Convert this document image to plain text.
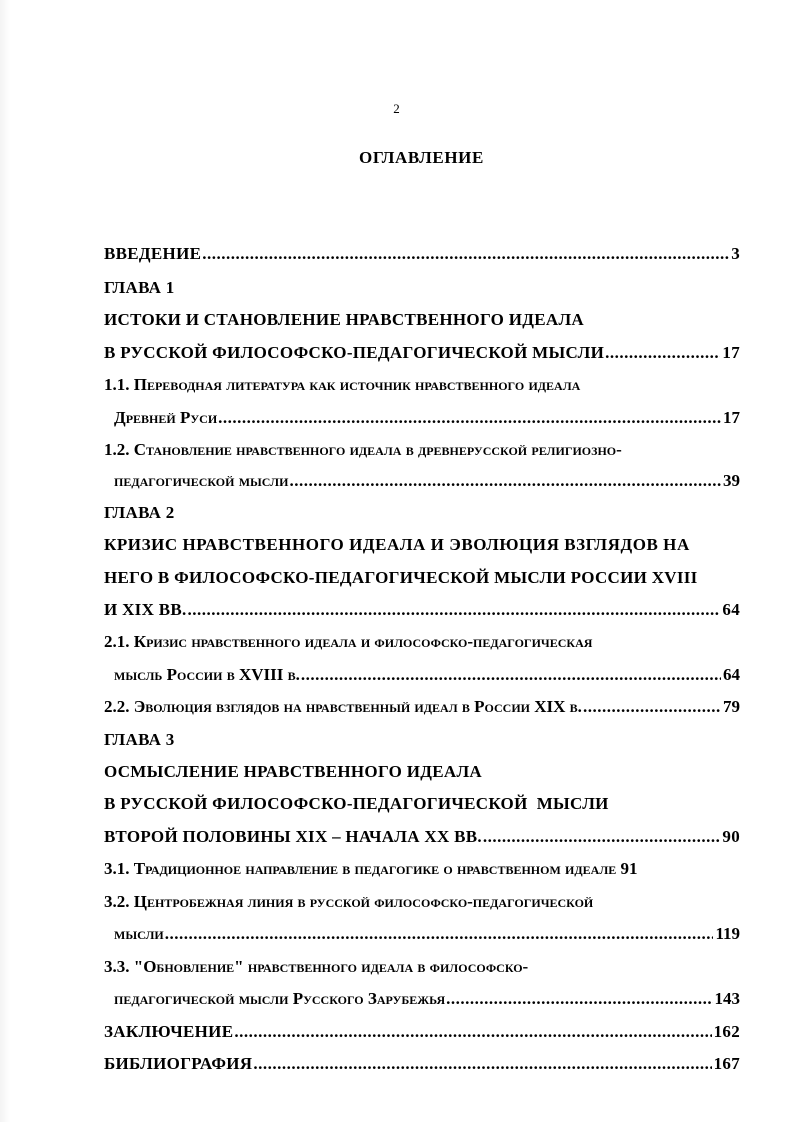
2
ОГЛАВЛЕНИЕ
ВВЕДЕНИЕ .....	3
ГЛАВА 1
ИСТОКИ И СТАНОВЛЕНИЕ НРАВСТВЕННОГО ИДЕАЛА
В РУССКОЙ ФИЛОСОФСКО-ПЕДАГОГИЧЕСКОЙ МЫСЛИ .....	17
1.1. Переводная литература как источник нравственного идеала
Древней Руси .....	17
1.2. Становление нравственного идеала в древнерусской религиозно-
педагогической мысли .....	39
ГЛАВА 2
КРИЗИС НРАВСТВЕННОГО ИДЕАЛА И ЭВОЛЮЦИЯ ВЗГЛЯДОВ НА
НЕГО В ФИЛОСОФСКО-ПЕДАГОГИЧЕСКОЙ МЫСЛИ РОССИИ XVIII
И XIX ВВ. .....	64
2.1. Кризис нравственного идеала и философско-педагогическая
мысль России в XVIII в. .....	64
2.2. Эволюция взглядов на нравственный идеал в России XIX в. .....	79
ГЛАВА 3
ОСМЫСЛЕНИЕ НРАВСТВЕННОГО ИДЕАЛА
В РУССКОЙ ФИЛОСОФСКО-ПЕДАГОГИЧЕСКОЙ  МЫСЛИ
ВТОРОЙ ПОЛОВИНЫ XIX – НАЧАЛА XX ВВ. .....	90
3.1. Традиционное направление в педагогике о нравственном идеале 91
3.2. Центробежная линия в русской философско-педагогической
мысли .....	119
3.3. "Обновление" нравственного идеала в философско-
педагогической мысли Русского Зарубежья .....	143
ЗАКЛЮЧЕНИЕ .....	162
БИБЛИОГРАФИЯ .....	167
